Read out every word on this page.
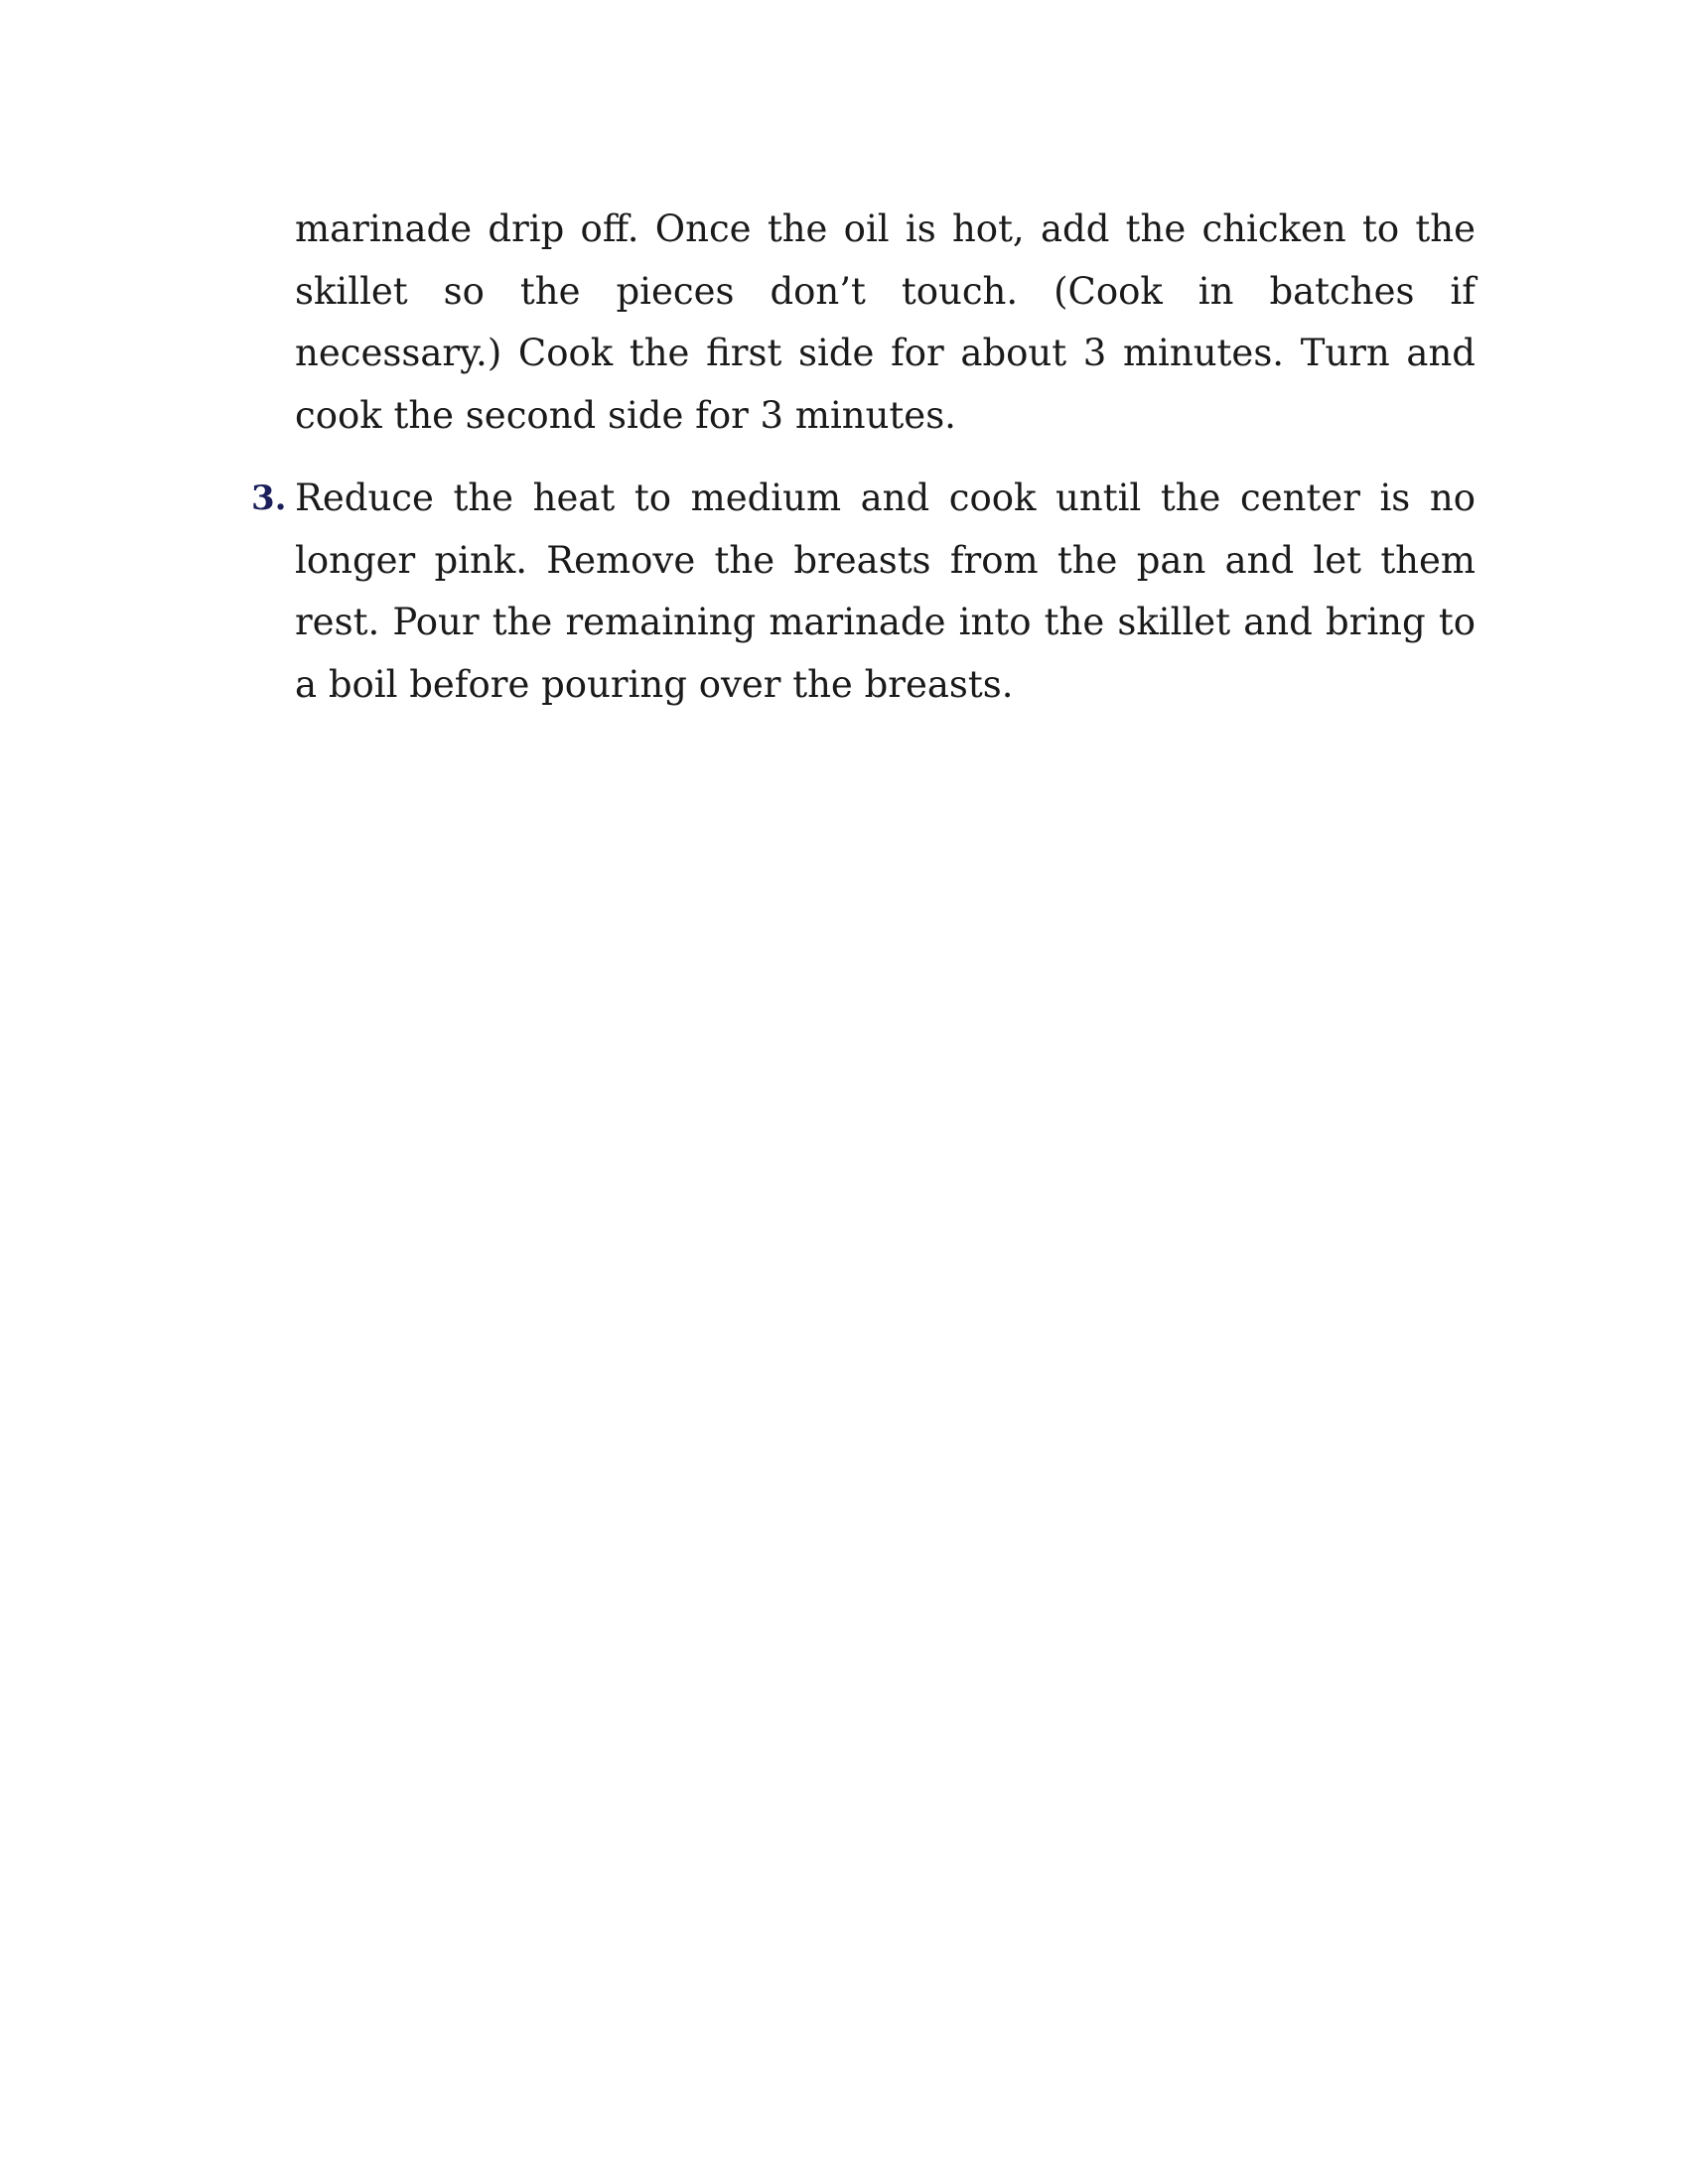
marinade drip off. Once the oil is hot, add the chicken to the skillet so the pieces don’t touch. (Cook in batches if necessary.) Cook the first side for about 3 minutes. Turn and cook the second side for 3 minutes.
3. Reduce the heat to medium and cook until the center is no longer pink. Remove the breasts from the pan and let them rest. Pour the remaining marinade into the skillet and bring to a boil before pouring over the breasts.
